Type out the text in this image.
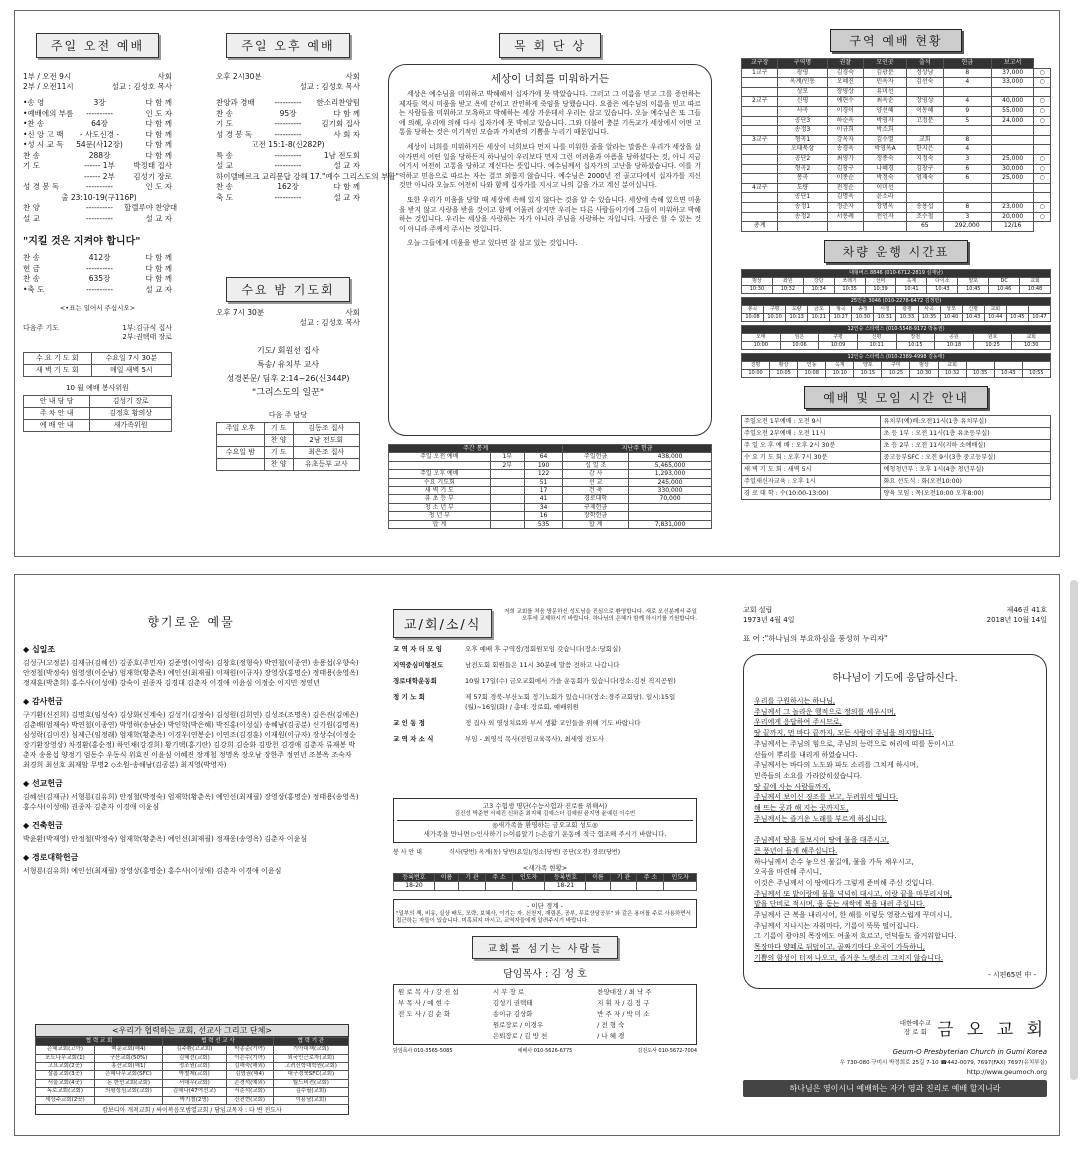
주일 오전 예배
1부 / 오전 9시
2부 / 오전11시
사회
설교 : 김성호 목사
•송 영	3장	다 함 께
•예배에의 부름	----------	인 도 자
•찬 송	64장	다 함 께
•신 앙 고 백	- 사도신경 -	다 함 께
•성 시 교 독	54문(사12장)	다 함 께
찬 송	288장	다 함 께
기 도	------ 1부	박정태 집사
------ 2부	김성기 장로
성 경 봉 독	----------	인 도 자
출 23:10-19(구116P)
찬 양	----------	할렐루야 찬양대
설 교	----------	설 교 자
"지킬 것은 지켜야 합니다"
찬 송	412장	다 함 께
헌 금	----------	다 함 께
찬 송	635장	다 함 께
•축 도	----------	설 교 자
<•표는 일어서 주십시오>
다음주 기도	1부:김규식 집사
2부:권택태 장로
수 요 기 도 회	수요일 7시 30분
새 벽 기 도 회	매일 새벽 5시
10 월 예배 봉사위원
안 내 담 당	김성기 장로
주 차 안 내	김정호 황의상
예 배 안 내	새가족위원
주일 오후 예배
오후 2시30분	사회
설교 : 김성호 목사
찬양과 경배	----------	한소리찬양팀
찬 송	95장	다 함 께
기 도	----------	김기회 집사
성 경 봉 독	----------	사 회 자
고전 15:1-8(신282P)
특 송	----------	1남 전도회
설 교	----------	설 교 자
하이델베르크 교리문답 강해 17. "예수 그리스도의 부활"
찬 송	162장	다 함 께
축 도	----------	설 교 자
수요 밤 기도회
오후 7시 30분	사회
설교 : 김성호 목사
기도/ 회원선 집사
특송/ 유치부 교사
성경본문/ 딤후 2:14~26(신344P)
"그리스도의 일꾼"
다음 주 담당
주일 오후	기 도	김동조 집사
	찬 양	2남 전도회
수요일 밤	기 도	최은조 집사
	찬 양	유초등부 교사
목 회 단 상
세상이 너희를 미워하거든

세상은 예수님을 미워하고 박해해서 십자가에 못 박았습니다. 그러고 그 이름을 믿고 그를 증언하는 제자들 역시 미움을 받고 옥에 갇히고 잔인하게 죽임을 당했습니다. 요즘은 예수님의 이름을 믿고 따르는 사람들을 미워하고 모욕하고 박해하는 세상 가운데서 우리는 살고 있습니다. 오늘 예수님은 또 그들에 의해, 우리에 의해 다시 십자가에 못 박히고 있습니다. 그와 더불어 충분 기독교가 세상에서 어떤 고통을 당하는 것은 이기적인 모습과 가치관의 기쁨을 누리기 때문입니다.

세상이 너희를 미워하거든 세상이 너희보다 먼저 나를 미워한 줄을 알라는 말씀은 우리가 세상을 살아가면서 어떤 일을 당하든지 하나님이 우리보다 먼저 그런 어려움과 아픔을 당하셨다는 것, 아니 지금 여기서 여전히 고통을 당하고 계신다는 뜻입니다. 예수님께서 십자가의 고난을 당하셨습니다. 이를 기억하고 믿음으로 따르는 자는 결코 외롭지 않습니다. 예수님은 2000년 전 골고다에서 십자가를 지신 것만 아니라 오늘도 여전히 나와 함께 십자가를 지시고 나의 길을 가고 계신 분이십니다.

또한 우리가 미움을 당할 때 세상에 속해 있지 않다는 것을 알 수 있습니다. 세상에 속해 있으면 미움을 받지 않고 사랑을 받을 것이고 함께 어울려 살지만 우리는 다른 사람들이기에 그들이 미워하고 박해하는 것입니다. 우리는 세상을 사랑하는 자가 아니라 주님을 사랑하는 자입니다. 사랑은 할 수 있는 것이 아니라 주께서 주시는 것입니다.

오늘 그들에게 미움을 받고 있다면 잘 살고 있는 것입니다.

주간 통계			지난주 헌금	
주일 오전 예배	1부	64	주일헌금	438,000
	2부	190	십 일 조	5,465,000
주일 오후 예배		122	감 사	1,293,000
수요 기도회		51	선 교	245,000
새 벽 기 도		17	건 축	330,000
유 초 등 부		41	경로대학	70,000
청 소 년 부		34	구제헌금	
청 년 부		16	장학헌금	
합 계		535	합 계	7,831,000
구역 예배 현황
교구장	구역명	권찰	모인곳	출석	헌금	보고서	
1교구	광평	김경숙	김광분	정상남	8	37,000	○
	옥계/인동	오혜진	민옥자	김선숙	4	33,000	○
	상모	장영상	유미선				
2교구	신평	예현수	최옥순	장영상	4	40,000	○
	사곡	이경이	양선혜	이동혜	9	55,000	○
	공단3	하순옥	박영자	고정분	5	24,000	○
	송정3	이규희	박소희				
3교구	형곡1	강옥자	김수열	교회	8		
	오태북삼	송경옥	박영옥A	한지은	4		
	공단2	최영가	정종숙	지정숙	3	25,000	○
	형곡2	김창구	나혜경	김창구	6	30,000	○
	봉곡	이종순	박정숙	엄재숙	6	25,000	○
4교구	도량	전정순	이미선				
	공단1	김명옥	윤소라				
	송정1	정춘자	장명옥	송용섭	8	23,000	○
	송정2	서봉례	전인자	조수철	3	20,000	○
총계				65	292,000	12/16	
차량 운행 시간표
대형버스 8846 (010-6712-2819 심재남)									
범상	좌원	강당	쓰레기	선비	옥계	다이소	양포	DC	교회
10:30	10:32	10:34	10:35	10:39	10:41	10:43	10:45	10:46	10:48
25인승 3046 (010-2278-6472 김정만)													
봉곡	구평	도량	금오	형곡	송정	시청	광평	사곡	상모	신평	교회		
10:08	10:10	10:13	10:21	10:27	10:30	10:31	10:33	10:35	10:40	10:43	10:44	10:45	10:47
12인승 스타렉스 (010-5548-9172 박동권)							
오태	임은	구평	신평	장천	공원	원호	교회
10:00	10:06	10:09	10:11	10:15	10:18	10:25	10:30
12인승 스타렉스 (010-2389-4998 김동태)										
진평	황상	인동	옥계	양포	구미	범상	교회			
10:00	10:05	10:08	10:10	10:15	10:25	10:30	10:32	10:35	10:43	10:55
예배 및 모임 시간 안내
주일오전 1부예배 : 오전 9시	유치부(예)배:오전11시(1층 유치부실)
주일오전 2부예배 : 오전 11시	초 등 1부 : 오전 11시(1층 유초등부실)
주 일 오 후 예 배 : 오후 2시 30분	초 등 2부 : 오전 11시(지하 소예배실)
수 요 기 도 회 : 오후 7시 30분	중고등부SFC : 오전 9시(3층 중고등부실)
새 벽 기 도 회 : 새벽 5시	예청청년부 : 오후 1시(4층 청년부실)
주일새신자교육 : 오후 1시	화요 선도식 : 화(오전10:00)
경 로 대 학 : 수(10:00-13:00)	양육 모임 : 목(오전10:00 오후8:00)
향기로운 예물
◆ 십일조
김성구(고정분) 김재규(김혜선) 김종호(주민자) 김준영(이영숙) 김창호(정형숙) 박연철(이종연) 송용섭(우향숙) 안정철(박정숙) 엄영생(이순남) 엄재학(황춘옥) 예인선(최재필) 이재원(이규자) 장영상(홍명순) 정태용(송영옥) 정재훈(박춘희) 홍수사(이성애) 강숙이 권종자 김경대 김춘자 이경애 이윤심 이정순 이지민 정연년
◆ 감사헌금
구기환(신진희) 김명호(임성숙) 김상화(신계숙) 김성기(김정숙) 김성원(김희연) 김성조(조명옥) 김은진(김예은) 김춘배(엄재숙) 박연철(이종연) 박영하(송남순) 박인학(박은혜) 박진홍(이성실) 송혜남(김공분) 신기원(김명옥) 심성락(김미진) 심제근(임정래) 엄재학(황춘옥) 이경우(연봉순) 이연조(김경훈) 이재원(이규자) 장상수(이정순장기환장영상) 차경환(홍순정) 하인채(강경희) 황기택(홍기란) 김강희 김순화 김방천 김경애 김춘자 류재봉 박춘자 송용섭 양정기 엄동수 우동식 위효진 이윤심 이혜진 장계철 정명옥 장오남 장한주 정연년 조봉옥 조숙자 최경희 최선호 최재암 무명2 ◇소원-송해남(김공분) 최지영(박영자)
◆ 선교헌금
김혜선(김재규) 서형룡(김유희) 안정철(박정숙) 엄재학(황춘옥) 예인선(최재필) 장영상(홍명순) 정태용(송영옥) 홍수사(이성애) 권종자 김춘자 이경애 이윤심
◆ 건축헌금
박윤환(박재영) 안정철(박정숙) 엄재학(황춘옥) 예인선(최재필) 정재웅(송영옥) 김춘자 이윤심
◆ 경로대학헌금
서형룡(김유희) 예인선(최재필) 장영상(홍명순) 홍수사(이성애) 김춘자 이경애 이윤심
<우리가 협력하는 교회, 선교사 그리고 단체>
협 력 교 회		협 력 선 교 사		협 력 기 관
은혜교회(고아)	백운교회(해4)	김주환(고교회)	박종준(기여)	기아대책(교회)
포도나무교회(1)	구산교회(50%)	김혜선(교회)	이은수(기여)	외국인근로자(교회)
고요교회(2곳)	흥산교회(해1)	정조원(교회)	김해숙(해외)	고려신학대학원(교회)
살롬교회(3곳)	은혜나무교회(SFC)	박철제(교회)	김영권(해4)	대구경북SFC(교회)
서울교회(4곳)	돈 한민교회(교회)	서대우(교회)	손경석(예외)	월드비전(교회)
독로교회(교회)	의평성심교회(교회)	김해나(47여선교)	서준석(교회)	김수필(교회)
세상주교회(2곳)		박기철(2명)	신진현(교회)	이용남(교회)
캄보디아 개척교회 / 싸이복음모범열교회 / 담임교목자 : 다 변 전도사
교/회/소/식
저희 교회를 처음 방문하신 성도님을 진심으로 환영합니다. 새로 오신분께서 주일 오후에 교제하시기 바랍니다. 하나님의 은혜가 함께 하시기를 기원합니다.
교 역 자 더 모 임	오후 예배 후 구역장/정회원모임 갖습니다(장소:당회실)
지역중심미형전도	남전도회 회원들은 11시 30분에 말씀 전하고 나갑니다
경로대학운동회	10월 17일(수) 금오교회에서 가을 운동회가 있습니다(장소:김천 직지공원)
정 기 노 회	제 57회 경북-부산노회 정기노회가 있습니다(장소:경주교회당). 일시:15일(월)~16일(화) / 총대: 장로회, 예배위원
교 인 동 정	정 집사 외 영성치료와 부서 생활 교인들을 위해 기도 바랍니다
교 역 자 소 식	부임 - 최영석 목사(전임교육목사), 최세영 전도사
고3 수험생 명단(수능시험과 진로를 위해서)
김진성 박준현 서예진 신하준 최지혜 김예스더 김예원 윤지영 윤예린 이수빈
◎새가족을 환영하는 금오교회 성도◎
새가족을 만나면 ▷인사하기 ▷이름알기 ▷손잡기 운동에 적극 협조해 주시기 바랍니다.
봉 사 안 내	식사(당번) 옥계(동) 당번(요일)/청소(당번) 공단(오전) 경로(당번)
<새가족 현황>
등록번호	이름	기 관	주 소	인도자	등록번호	이름	기 관	주 소	인도자
18-20					18-21				
- 이단 경계 -
"일부의 책, 비유, 실상 배도, 모략, 보혜사, 이기는 자, 신천지, 재림론, 공부, 무료상담공부" 와 같은 용어를 주로 사용하면서 접근하는 자들이 있습니다. 미혹되지 마시고, 교역자들에게 알려주시기 바랍니다.
교회를 섬기는 사람들
담임목사 : 김 성 호
원 로 목 사 / 강 진 섭	시 무 장 로	찬양대장 / 최 낙 주
부 목 사 / 예 현 수	김성기 권택태	지 휘 자 / 김 정 구
전 도 사 / 김 순 화	송이규 김상화	반 주 자 / 박 미 소
원로장로 / 이경우	/ 전 형 숙
은퇴장로 / 김 방 천	/ 나 혜 경
담임목사 010-3565-5085	예배사 010-5626-6775	김전도사 010-5672-7004
교회 설립
1973년 4월 4일
제46권 41호
2018년 10월 14일
표 어 :"하나님의 부요하심을 풍성히 누리자"
하나님이 기도에 응답하신다.
우리를 구원하시는 하나님,
주님께서 그 놀라운 행적으로 정의를 세우시며,
우리에게 응답하여 주시므로,
땅 끝까지, 먼 바다 끝까지, 모든 사람이 주님을 의지합니다.
주님께서는 주님의 힘으로, 주님의 능력으로 허리에 띠를 동이시고
산들이 뿌리를 내리게 하였습니다.
주님께서는 바다의 노도와 파도 소리를 그치게 하시며,
민족들의 소요를 가라앉히셨습니다.
땅 끝에 사는 사람들까지,
주님께서 보이신 징조를 보고, 두려워서 떱니다.
해 뜨는 곳과 해 지는 곳까지도,
주님께서는 즐거운 노래를 부르게 하십니다.

주님께서 땅을 돌보시어 땅에 물을 대주시고,
큰 풍년이 들게 해주십니다.
하나님께서 손수 놓으신 물길에, 물을 가득 채우시고,
오곡을 마련해 주시니,
이것은 주님께서 이 땅에다가 그렇게 준비해 주신 것입니다.
주님께서 또 밭이랑에 물을 넉넉히 대시고, 이랑 끝을 마무리시며,
밭을 단비로 적시며, 움 돋는 새싹에 복을 내려 주십니다.
주님께서 큰 복을 내리시어, 한 해를 이렇듯 영광스럽게 꾸미시니,
주님께서 지나시는 자취마다, 기름이 뚝뚝 떨어집니다.
그 기름이 광야의 목장에도 여울져 흐르고, 언덕들도 즐거워합니다.
목장마다 양떼로 뒤덮이고, 골짜기마다 오곡이 가득하니,
기쁨의 함성이 터져 나오고, 즐거운 노랫소리 그치지 않습니다.
- 시편65편 中 -
대한예수교
장 로 회 금 오 교 회
Geum-O Presbyterian Church in Gumi Korea
우 730-080 구미시 박정희로 25길 7-10 ☎442-0079, 7697(FAX) 7697(유치부실)
http://www.geumoch.org
하나님은 영이시니 예배하는 자가 영과 진리로 예배 할지니라
